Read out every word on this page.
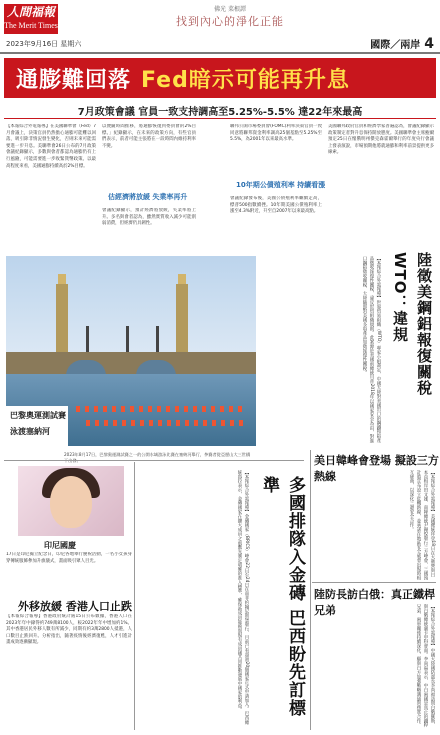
人間福報
The Merit Times
2023年9月16日 星期六
佛光 菜根譚
找到內心的淨化正能
國際／兩岸 4
通膨難回落 Fed暗示可能再升息
7月政策會議 官員一致支持調高至5.25%-5.5% 達22年來最高
【本報綜合外電報導】在美國聯準會（Fed）7月會議上，決策官員仍然擔心通膨可能難以回落，吸引除非情況發生變化，否則未來可能需要進一步升息。美聯準會26日公布的7月政策會議紀錄顯示，多數與會者都認為通膨仍有上行風險，可能需要進一步收緊貨幣政策。以最高程度來看，美國通膨持續高於2%目標。
以便隨時間推移，將通膨恢復到委員會的2%目標。」紀錄顯示，在未來的政策方向，有些官員們表示，前者可能主張將在一段時間內維持利率不變。
估經濟將放緩 失業率再升
會議紀錄顯示，預計經濟將放緩，失業率將上升。多名與會者認為，雖然實質收入減少可能削弱消費，但經濟仍具韌性。
聯邦公開市場委員會(FOMC)利率決策官員一致同意將聯邦資金利率調高25個基點至5.25%至5.5%，為2001年以來最高水準。
10年期公債殖利率 持續看漲
會議紀錄發布後，美國公債殖利率繼續走高，標普500指數續挫。10年期美國公債殖利率上漲至4.3%附近，升至自2007年以來最高點。
美國聯邦政府官員和經濟學家普遍認為，會議紀錄顯示政策制定者對升息保持開放態度。美國聯準會主席鮑爾預定25日在懷俄明州傑克森霍爾舉行的年度央行會議上發表演說，市場預期他將就通膨和利率前景提供更多線索。
巴黎奧運測試賽
泳渡塞納河
2023年8月17日，巴黎奧運測試賽之一的公開水域游泳比賽在塞納河舉行，參賽者從亞歷山大三世橋
【本報綜合外電報導】世界貿易組織（WTO）專家小組裁定，中國大陸對美國出口的鋼鐵和鋁產品徵收報復性關稅，違反世貿組織規則。此案源於美國前總統川普2018年以國家安全為由，對進口鋼鋁徵收關稅，大陸隨即對美國多項產品加徵報復性關稅。	陸徵美鋼鋁報復關稅 WTO：違規
印尼國慶
17日是印尼獨立紀念日，印尼各地舉行慶祝活動，一名小女孩身穿傳統服飾參加升旗儀式，畫面吸引眾人目光。
外移放緩 香港人口止跌
【本報綜合報導】香港政府統計處15日公布數據，香港人口在2023年年中錄得約749萬8100人，較2022年年中增加約1%。其中香港居民外移人數有所減少，同期有約3萬2800人抵港，人口數目止跌回升。分析指出，隨著疫情後經濟復甦，人才引進計畫成效逐漸顯現。	【本報綜合外電報導】金磚國家（BRICS）峰會22日至24日在南非約翰尼斯堡舉行，目前已有超過20個國家正式申請加入。巴西總統魯拉表示，金磚國家在擴大成員之前應先制定明確的准入標準，確保新成員能夠與現有成員國共同推動發展中國家的利益。	多國排隊入金磚 巴西盼先訂標準
美日韓峰會登場 擬設三方熱線	【本報綜合外電報導】美國總統拜登18日在大衛營與日本首相岸田文雄、南韓總統尹錫悅舉行三方峰會，三國預計將宣布設立危機熱線，並承諾在地區安全威脅出現時相互磋商，以深化三邊安全合作。
陸防長訪白俄：真正鐵桿兄弟	【本報綜合外電報導】中國大陸國防部長李尚福訪問白俄羅斯，與白俄總統盧卡申科會面。李尚福表示，中白兩國是真正的鐵桿兄弟，兩軍關係持續深化，願與白方加強戰略溝通與務實合作。
